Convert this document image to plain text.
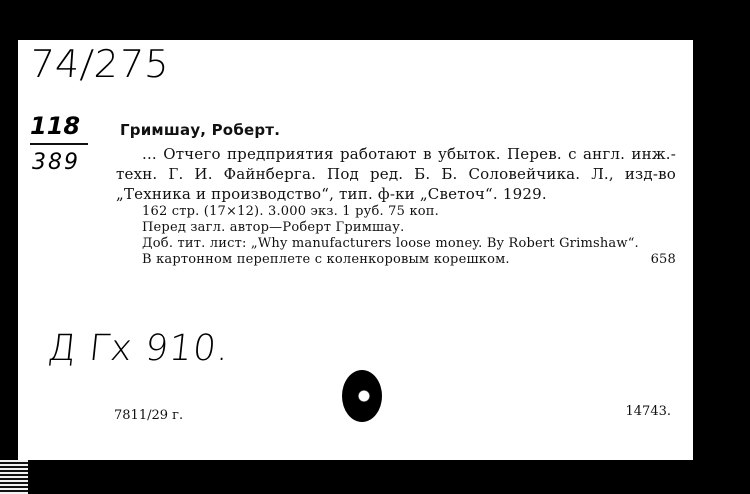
74/275
118
389
Д Гх 910.
Гримшау, Роберт.

... Отчего предприятия работают в убыток. Перев. с англ. инж.-техн. Г. И. Файнберга. Под ред. Б. Б. Соловейчика. Л., изд-во „Техника и производство“, тип. ф-ки „Светоч“. 1929.

162 стр. (17×12). 3.000 экз. 1 руб. 75 коп.
Перед загл. автор—Роберт Гримшау.
Доб. тит. лист: „Why manufacturers loose money. By Robert Grimshaw“.
В картонном переплете с коленкоровым корешком.	658
7811/29 г.	14743.
